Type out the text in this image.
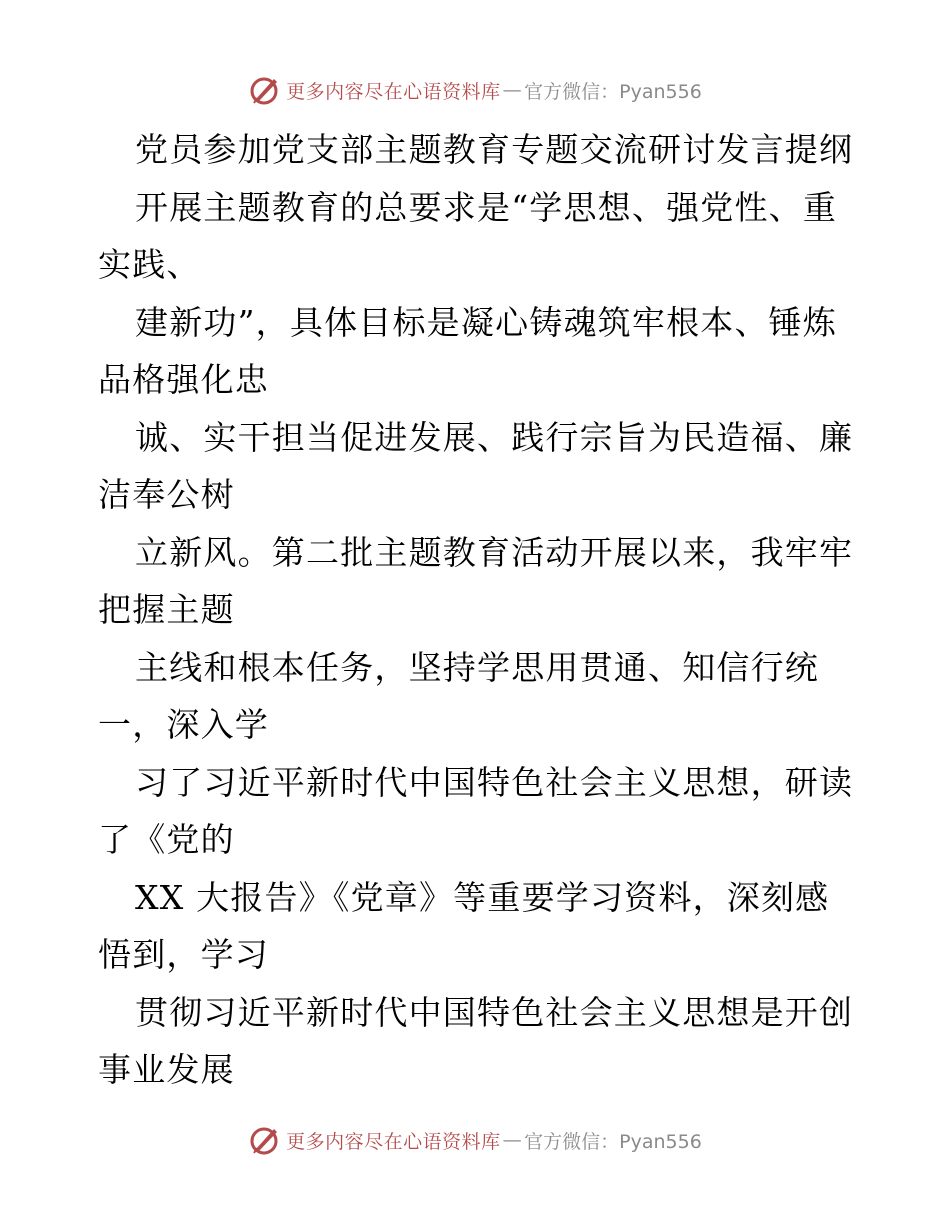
更多内容尽在心语资料库 — 官方微信：Pyan556
党员参加党支部主题教育专题交流研讨发言提纲
开展主题教育的总要求是“学思想、强党性、重
实践、
建新功”，具体目标是凝心铸魂筑牢根本、锤炼
品格强化忠
诚、实干担当促进发展、践行宗旨为民造福、廉
洁奉公树
立新风。第二批主题教育活动开展以来，我牢牢
把握主题
主线和根本任务，坚持学思用贯通、知信行统
一，深入学
习了习近平新时代中国特色社会主义思想，研读
了《党的
XX 大报告》《党章》等重要学习资料，深刻感
悟到，学习
贯彻习近平新时代中国特色社会主义思想是开创
事业发展
更多内容尽在心语资料库 — 官方微信：Pyan556
